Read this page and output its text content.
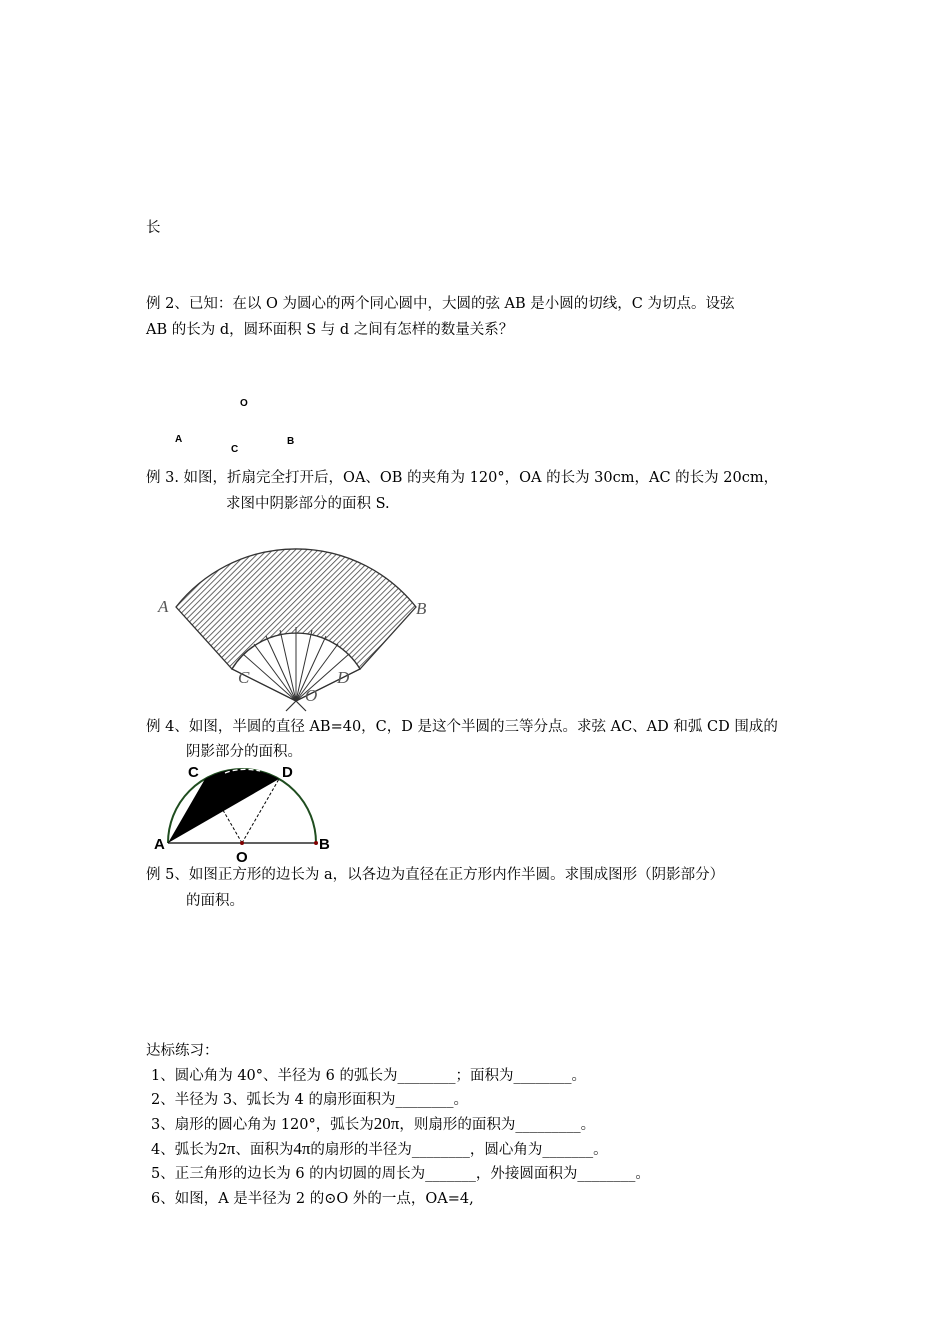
长
例 2、已知：在以 O 为圆心的两个同心圆中，大圆的弦 AB 是小圆的切线，C 为切点。设弦
AB 的长为 d，圆环面积 S 与 d 之间有怎样的数量关系？
O
A
C
B
例 3. 如图，折扇完全打开后，OA、OB 的夹角为 120°，OA 的长为 30cm，AC 的长为 20cm，
求图中阴影部分的面积 S.
A	B
C	D
O
例 4、如图，半圆的直径 AB=40，C，D 是这个半圆的三等分点。求弦 AC、AD 和弧 CD 围成的
阴影部分的面积。
C	D
A
O
B
例 5、如图正方形的边长为 a，以各边为直径在正方形内作半圆。求围成图形（阴影部分）
的面积。
达标练习：
1、圆心角为 40°、半径为 6 的弧长为________；面积为________。
2、半径为 3、弧长为 4 的扇形面积为________。
3、扇形的圆心角为 120°，弧长为20π，则扇形的面积为_________。
4、弧长为2π、面积为4π的扇形的半径为________，圆心角为_______。
5、正三角形的边长为 6 的内切圆的周长为_______，外接圆面积为________。
6、如图，A 是半径为 2 的⊙O 外的一点，OA=4,
